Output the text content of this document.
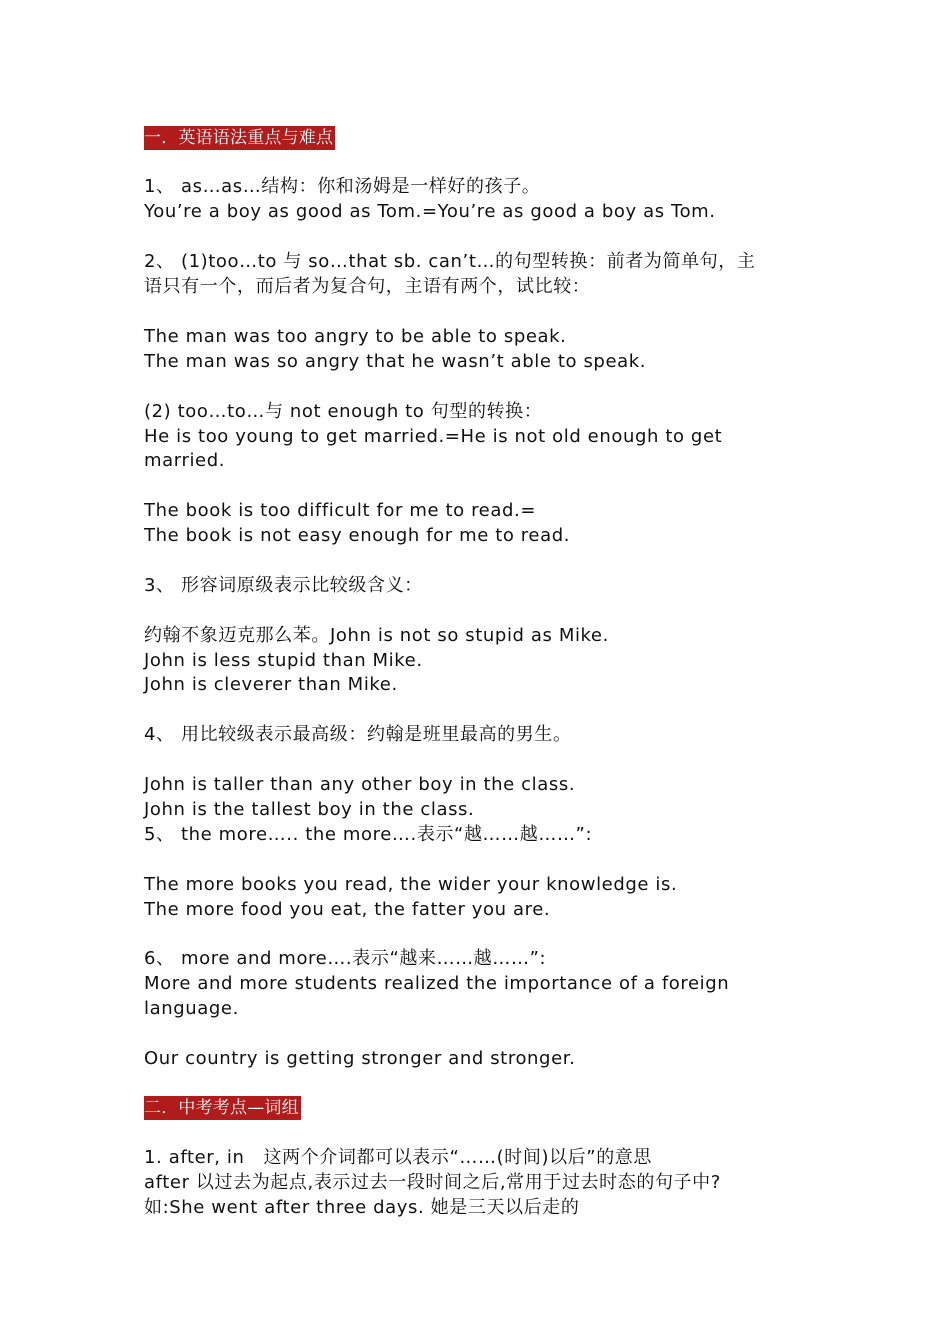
一．英语语法重点与难点
1、 as…as…结构：你和汤姆是一样好的孩子。
You’re a boy as good as Tom.=You’re as good a boy as Tom.
2、 (1)too…to 与 so…that sb. can’t…的句型转换：前者为简单句，主
语只有一个，而后者为复合句，主语有两个，试比较：
The man was too angry to be able to speak.
The man was so angry that he wasn’t able to speak.
(2) too…to…与 not enough to 句型的转换：
He is too young to get married.=He is not old enough to get
married.
The book is too difficult for me to read.=
The book is not easy enough for me to read.
3、 形容词原级表示比较级含义：
约翰不象迈克那么苯。John is not so stupid as Mike.
John is less stupid than Mike.
John is cleverer than Mike.
4、 用比较级表示最高级：约翰是班里最高的男生。
John is taller than any other boy in the class.
John is the tallest boy in the class.
5、 the more….. the more….表示“越……越……”:
The more books you read, the wider your knowledge is.
The more food you eat, the fatter you are.
6、 more and more….表示“越来……越……”:
More and more students realized the importance of a foreign
language.
Our country is getting stronger and stronger.
二．中考考点—词组
1. after, in   这两个介词都可以表示“……(时间)以后”的意思
after 以过去为起点,表示过去一段时间之后,常用于过去时态的句子中?
如:She went after three days. 她是三天以后走的
